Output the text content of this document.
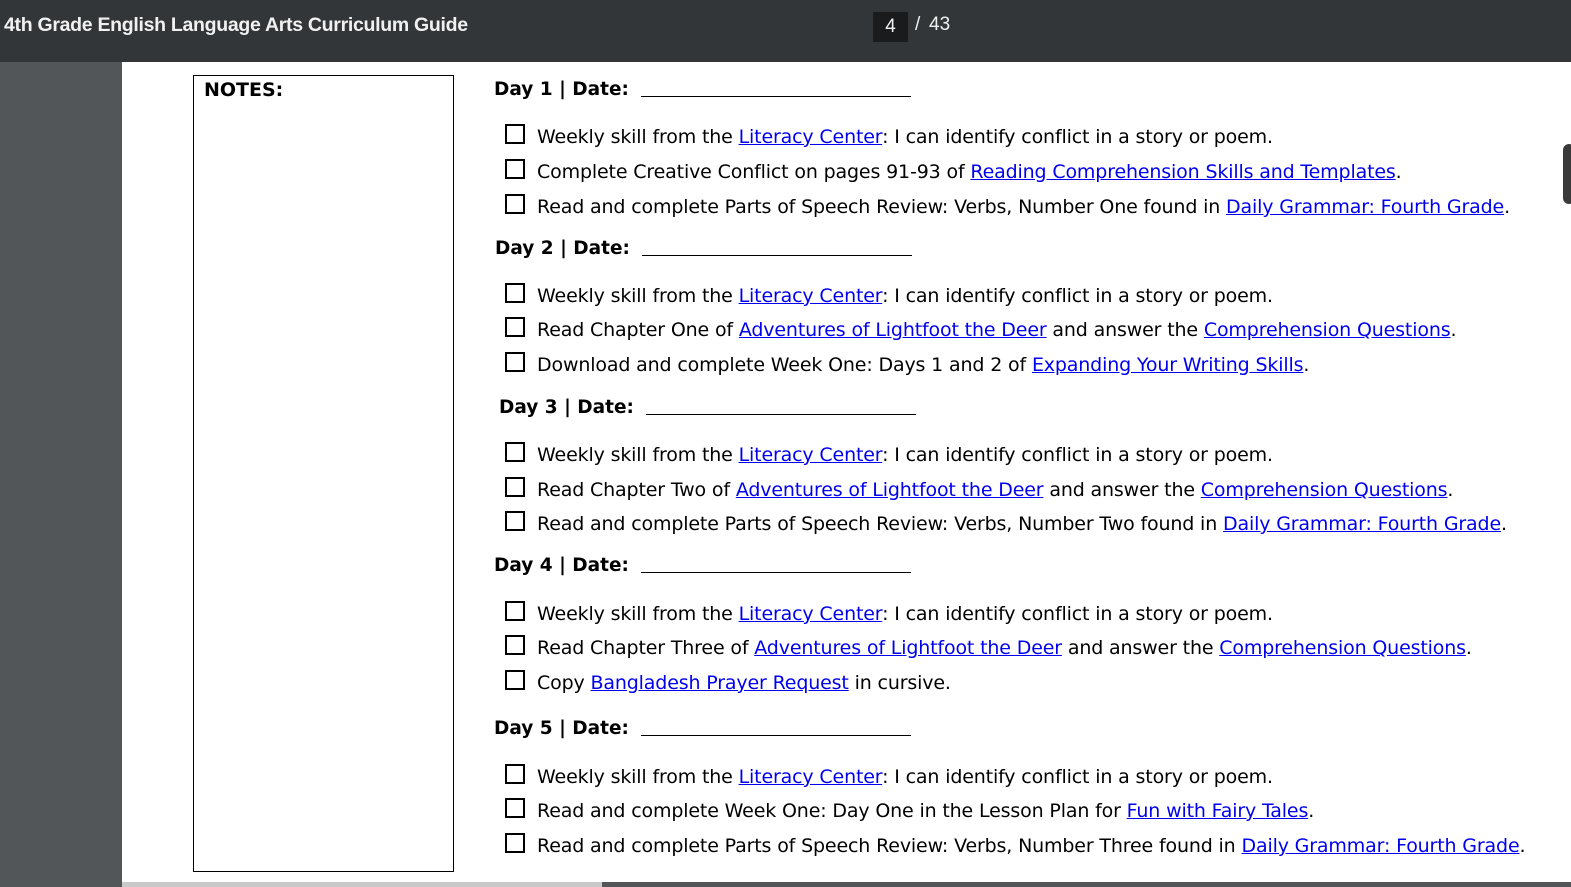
4th Grade English Language Arts Curriculum Guide
4	/ 43
NOTES:	Day 1 | Date:
Weekly skill from the Literacy Center: I can identify conflict in a story or poem.
Complete Creative Conflict on pages 91-93 of Reading Comprehension Skills and Templates.
Read and complete Parts of Speech Review: Verbs, Number One found in Daily Grammar: Fourth Grade.
Day 2 | Date:
Weekly skill from the Literacy Center: I can identify conflict in a story or poem.
Read Chapter One of Adventures of Lightfoot the Deer and answer the Comprehension Questions.
Download and complete Week One: Days 1 and 2 of Expanding Your Writing Skills.
Day 3 | Date:
Weekly skill from the Literacy Center: I can identify conflict in a story or poem.
Read Chapter Two of Adventures of Lightfoot the Deer and answer the Comprehension Questions.
Read and complete Parts of Speech Review: Verbs, Number Two found in Daily Grammar: Fourth Grade.
Day 4 | Date:
Weekly skill from the Literacy Center: I can identify conflict in a story or poem.
Read Chapter Three of Adventures of Lightfoot the Deer and answer the Comprehension Questions.
Copy Bangladesh Prayer Request in cursive.
Day 5 | Date:
Weekly skill from the Literacy Center: I can identify conflict in a story or poem.
Read and complete Week One: Day One in the Lesson Plan for Fun with Fairy Tales.
Read and complete Parts of Speech Review: Verbs, Number Three found in Daily Grammar: Fourth Grade.
